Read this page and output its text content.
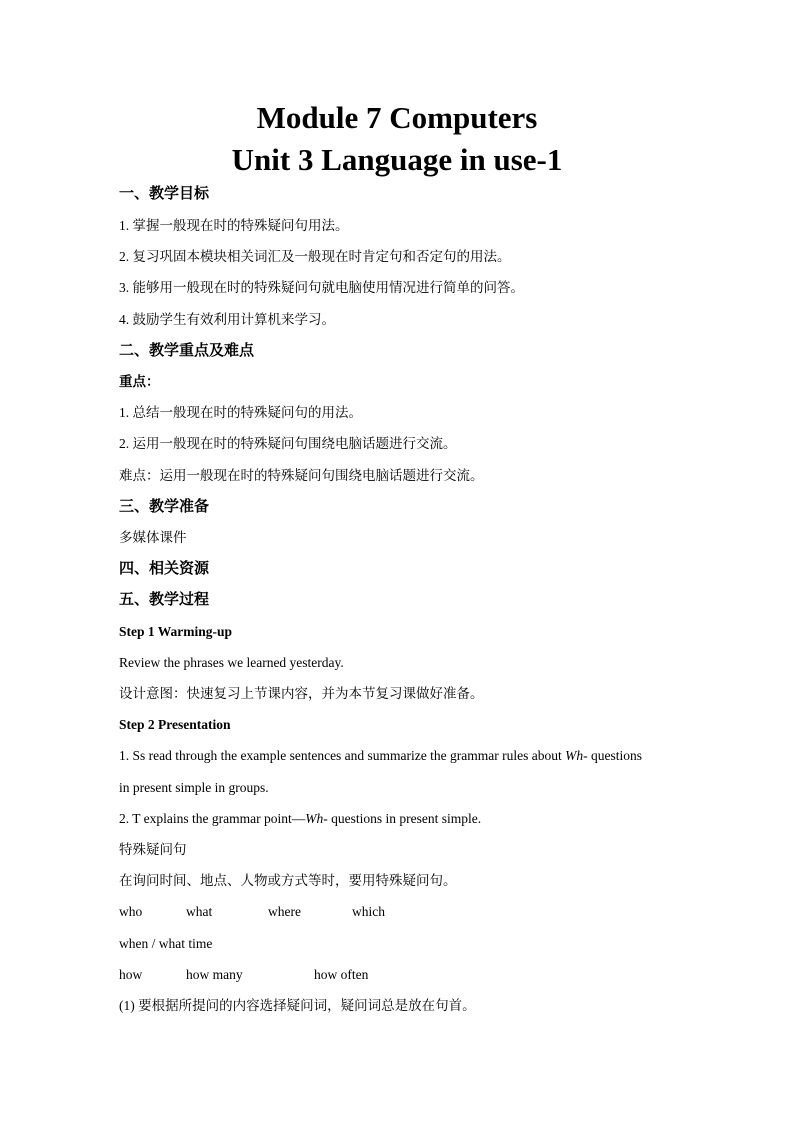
Module 7 Computers
Unit 3 Language in use-1
一、教学目标
1. 掌握一般现在时的特殊疑问句用法。
2. 复习巩固本模块相关词汇及一般现在时肯定句和否定句的用法。
3. 能够用一般现在时的特殊疑问句就电脑使用情况进行简单的问答。
4. 鼓励学生有效利用计算机来学习。
二、教学重点及难点
重点：
1. 总结一般现在时的特殊疑问句的用法。
2. 运用一般现在时的特殊疑问句围绕电脑话题进行交流。
难点：运用一般现在时的特殊疑问句围绕电脑话题进行交流。
三、教学准备
多媒体课件
四、相关资源
五、教学过程
Step 1 Warming-up
Review the phrases we learned yesterday.
设计意图：快速复习上节课内容，并为本节复习课做好准备。
Step 2 Presentation
1. Ss read through the example sentences and summarize the grammar rules about Wh- questions
in present simple in groups.
2. T explains the grammar point—Wh- questions in present simple.
特殊疑问句
在询问时间、地点、人物或方式等时，要用特殊疑问句。
who	what	where	which
when / what time
how	how many	how often
(1) 要根据所提问的内容选择疑问词，疑问词总是放在句首。
